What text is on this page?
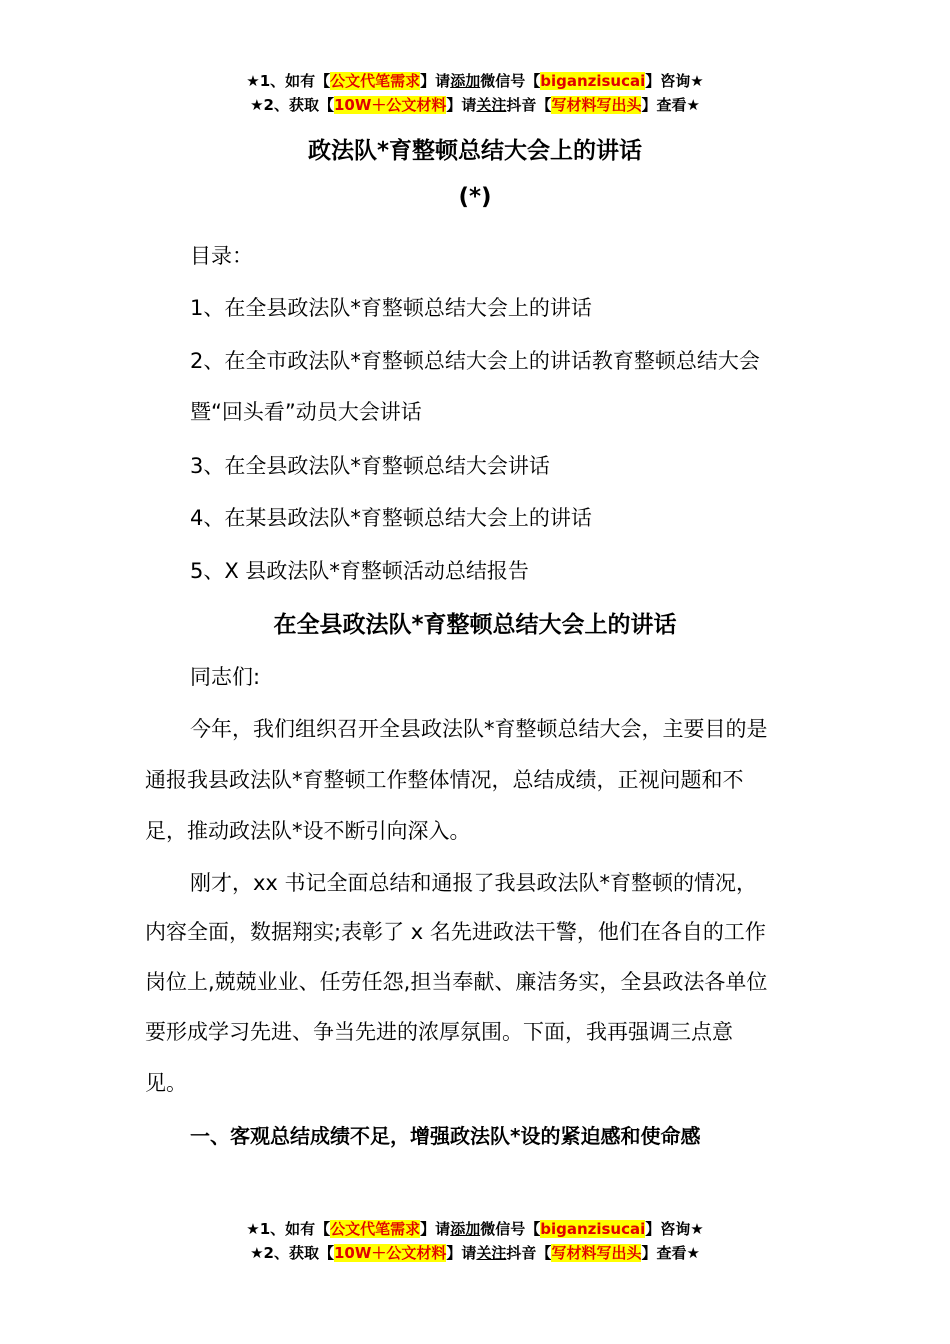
★1、如有【公文代笔需求】请添加微信号【biganzisucai】咨询★
★2、获取【10W＋公文材料】请关注抖音【写材料写出头】查看★
政法队*育整顿总结大会上的讲话
(*)
目录：
1、在全县政法队*育整顿总结大会上的讲话
2、在全市政法队*育整顿总结大会上的讲话教育整顿总结大会
暨“回头看”动员大会讲话
3、在全县政法队*育整顿总结大会讲话
4、在某县政法队*育整顿总结大会上的讲话
5、X 县政法队*育整顿活动总结报告
在全县政法队*育整顿总结大会上的讲话
同志们:
今年，我们组织召开全县政法队*育整顿总结大会，主要目的是
通报我县政法队*育整顿工作整体情况，总结成绩，正视问题和不
足，推动政法队*设不断引向深入。
刚才，xx 书记全面总结和通报了我县政法队*育整顿的情况，
内容全面，数据翔实;表彰了 x 名先进政法干警，他们在各自的工作
岗位上,兢兢业业、任劳任怨,担当奉献、廉洁务实，全县政法各单位
要形成学习先进、争当先进的浓厚氛围。下面，我再强调三点意
见。
一、客观总结成绩不足，增强政法队*设的紧迫感和使命感
★1、如有【公文代笔需求】请添加微信号【biganzisucai】咨询★
★2、获取【10W＋公文材料】请关注抖音【写材料写出头】查看★
